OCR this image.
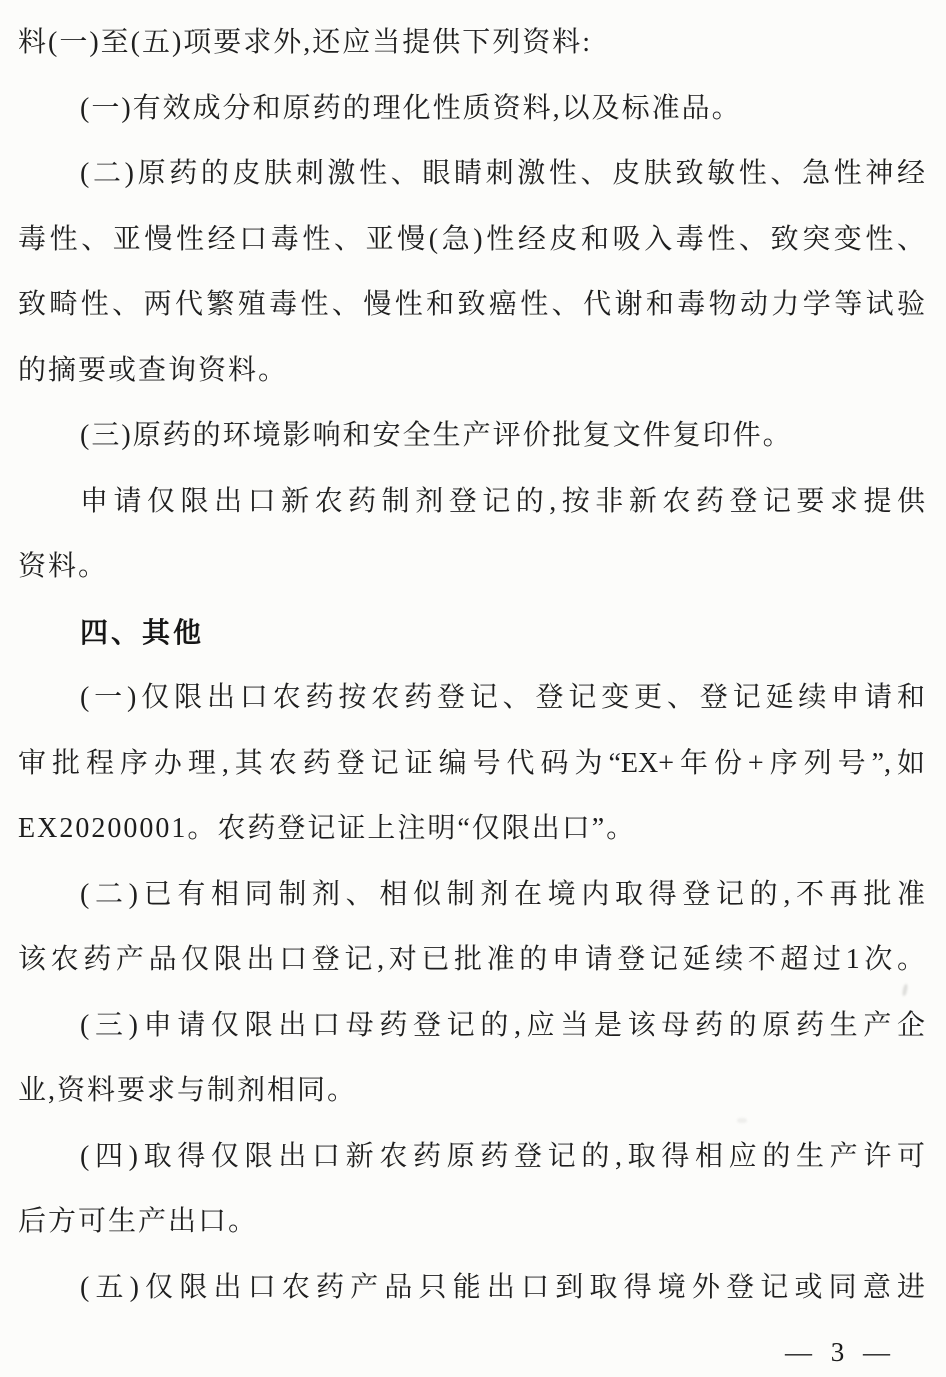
料(一)至(五)项要求外,还应当提供下列资料:
(一)有效成分和原药的理化性质资料,以及标准品。
(二)原药的皮肤刺激性、眼睛刺激性、皮肤致敏性、急性神经
毒性、亚慢性经口毒性、亚慢(急)性经皮和吸入毒性、致突变性、
致畸性、两代繁殖毒性、慢性和致癌性、代谢和毒物动力学等试验
的摘要或查询资料。
(三)原药的环境影响和安全生产评价批复文件复印件。
申请仅限出口新农药制剂登记的,按非新农药登记要求提供
资料。
四、其他
(一)仅限出口农药按农药登记、登记变更、登记延续申请和
审批程序办理,其农药登记证编号代码为“EX+年份+序列号”,如
EX20200001。农药登记证上注明“仅限出口”。
(二)已有相同制剂、相似制剂在境内取得登记的,不再批准
该农药产品仅限出口登记,对已批准的申请登记延续不超过1次。
(三)申请仅限出口母药登记的,应当是该母药的原药生产企
业,资料要求与制剂相同。
(四)取得仅限出口新农药原药登记的,取得相应的生产许可
后方可生产出口。
(五)仅限出口农药产品只能出口到取得境外登记或同意进
— 3 —
